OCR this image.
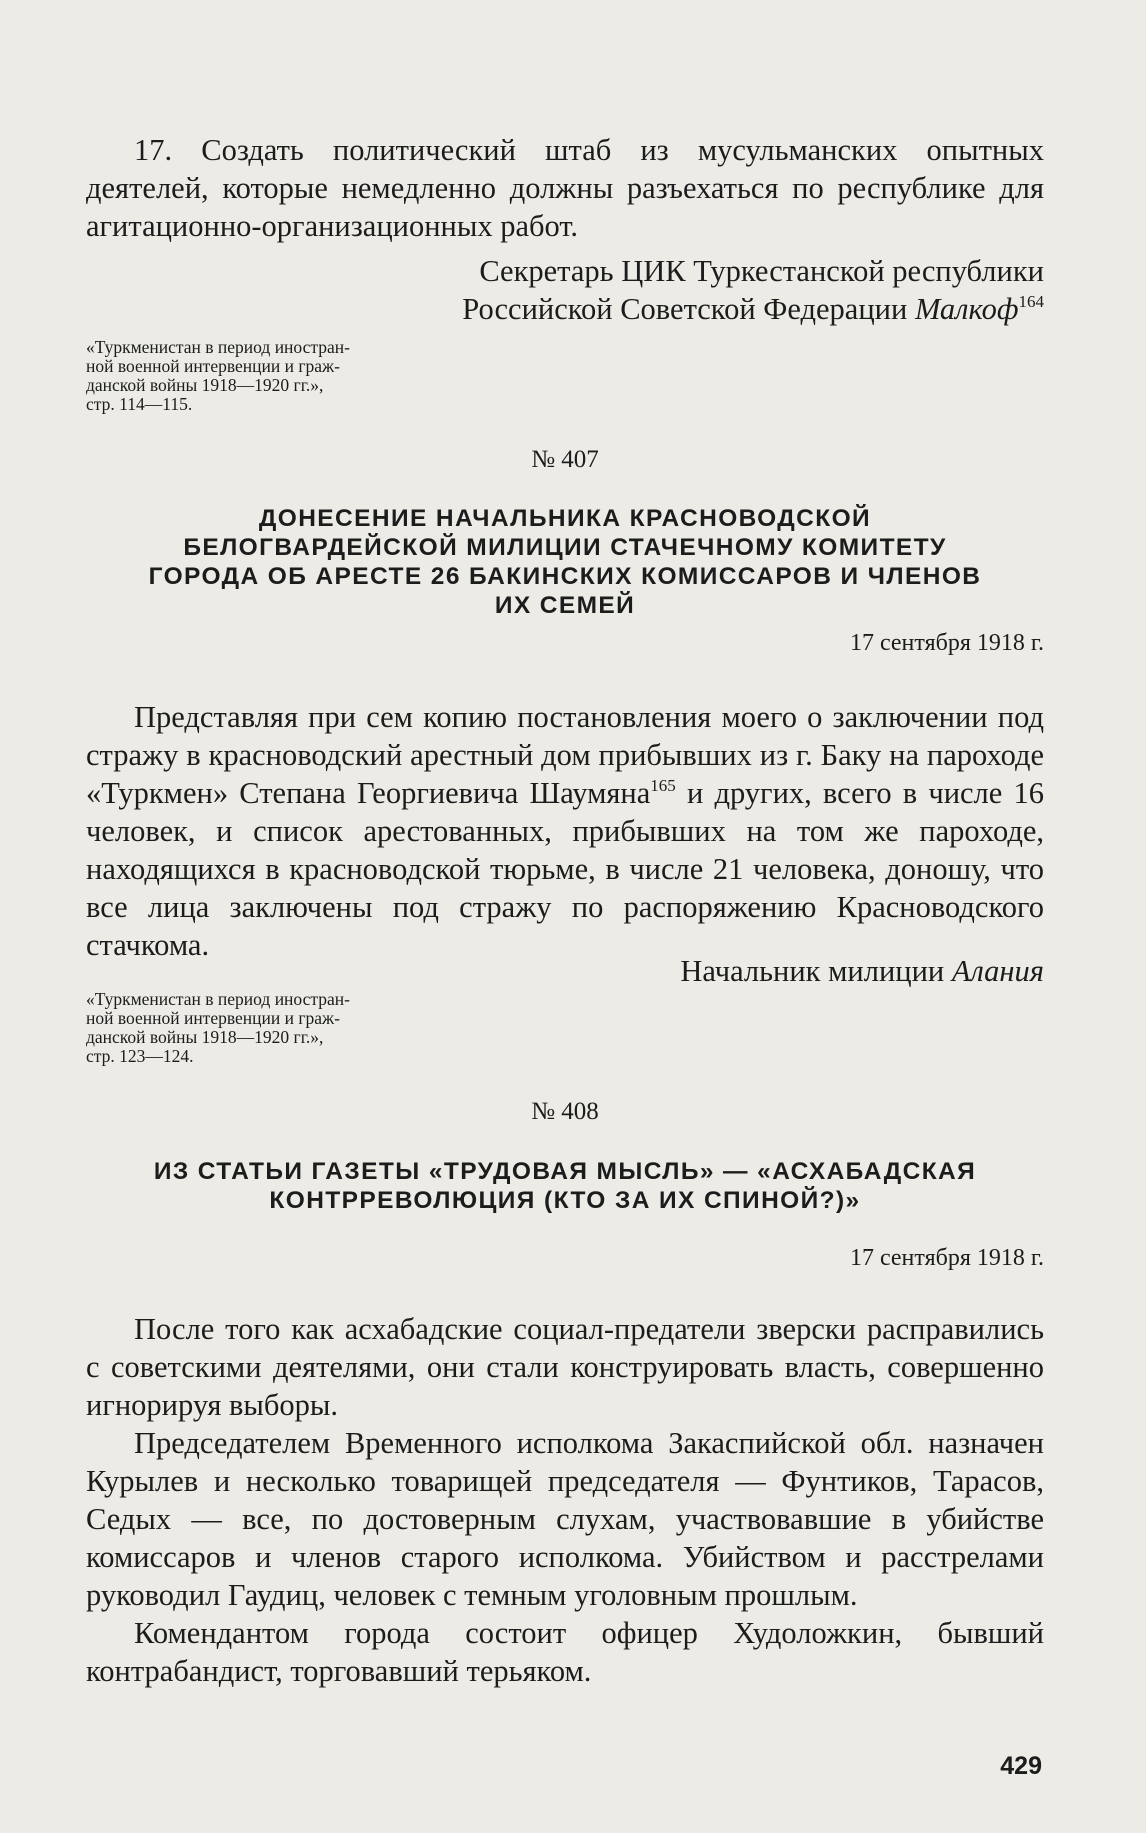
17. Создать политический штаб из мусульманских опытных деятелей, которые немедленно должны разъехаться по республике для агитационно-организационных работ.

Секретарь ЦИК Туркестанской республики

Российской Советской Федерации Малкоф$^{164}$

«Туркменистан в период иностран-
ной военной интервенции и граж-
данской войны 1918—1920 гг.»,
стр. 114—115.

№ 407

ДОНЕСЕНИЕ НАЧАЛЬНИКА КРАСНОВОДСКОЙ

БЕЛОГВАРДЕЙСКОЙ МИЛИЦИИ СТАЧЕЧНОМУ КОМИТЕТУ

ГОРОДА ОБ АРЕСТЕ 26 БАКИНСКИХ КОМИССАРОВ И ЧЛЕНОВ

ИХ СЕМЕЙ

17 сентября 1918 г.

Представляя при сем копию постановления моего о заключении под стражу в красноводский арестный дом прибывших из г. Баку на пароходе «Туркмен» Степана Георгиевича Шаумяна$^{165}$ и других, всего в числе 16 человек, и список арестованных, прибывших на том же пароходе, находящихся в красноводской тюрьме, в числе 21 человека, доношу, что все лица заключены под стражу по распоряжению Красноводского стачкома.

Начальник милиции Алания

«Туркменистан в период иностран-
ной военной интервенции и граж-
данской войны 1918—1920 гг.»,
стр. 123—124.

№ 408

ИЗ СТАТЬИ ГАЗЕТЫ «ТРУДОВАЯ МЫСЛЬ» — «АСХАБАДСКАЯ

КОНТРРЕВОЛЮЦИЯ (КТО ЗА ИХ СПИНОЙ?)»

17 сентября 1918 г.

После того как асхабадские социал-предатели зверски расправились с советскими деятелями, они стали конструировать власть, совершенно игнорируя выборы.

Председателем Временного исполкома Закаспийской обл. назначен Курылев и несколько товарищей председателя — Фунтиков, Тарасов, Седых — все, по достоверным слухам, участвовавшие в убийстве комиссаров и членов старого исполкома. Убийством и расстрелами руководил Гаудиц, человек с темным уголовным прошлым.

Комендантом города состоит офицер Худоложкин, бывший контрабандист, торговавший терьяком.

429
